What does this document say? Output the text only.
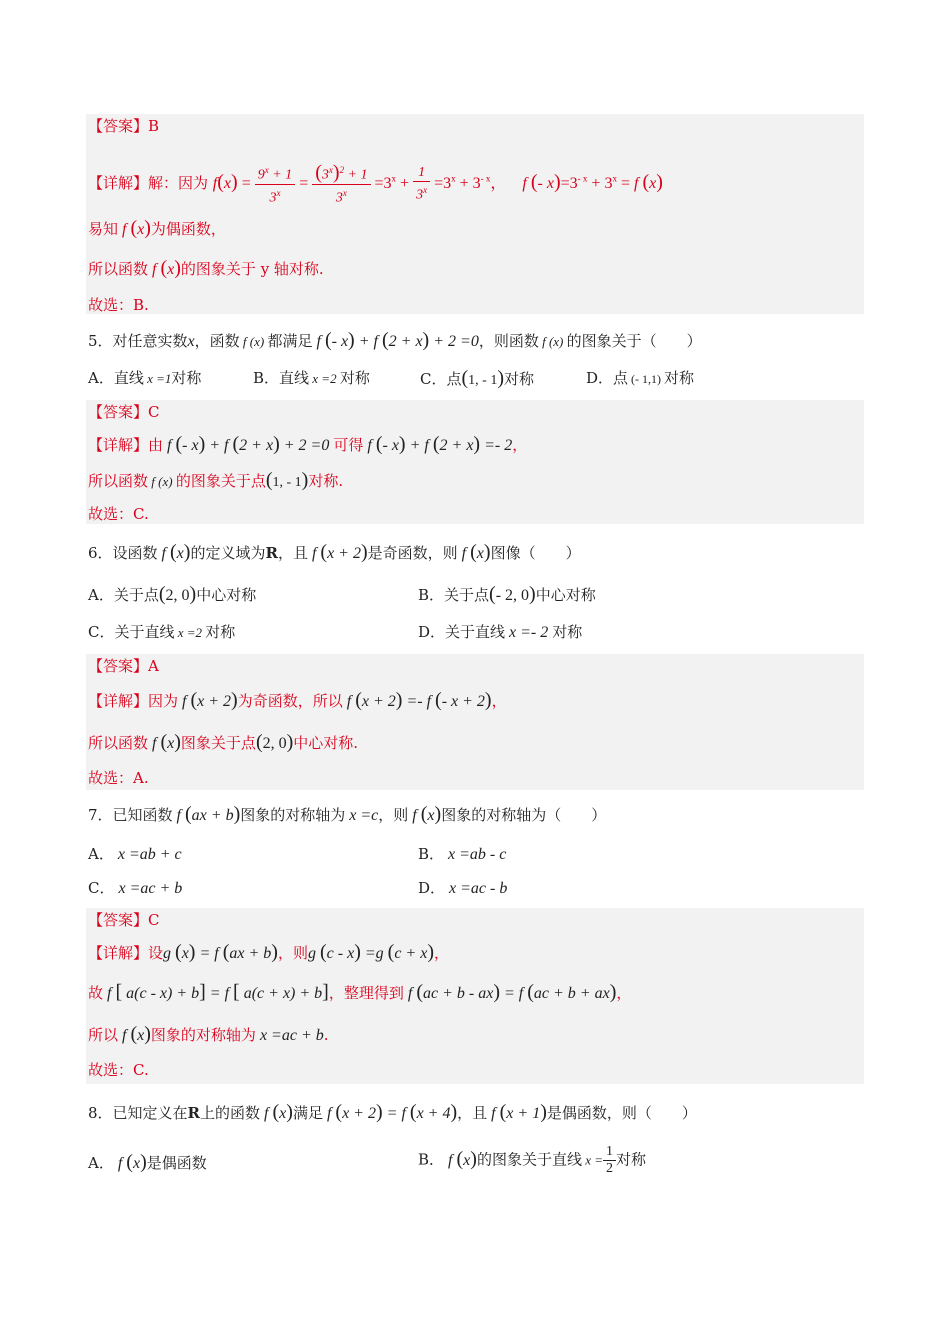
【答案】B
【详解】解：因为 $f(x) = \frac{9^x + 1}{3^x} = \frac{(3^x)^2 + 1}{3^x} =3^x + \frac{1}{3^x} =3^x + 3^{- x}$，    f (- $x)=3^{- x} + 3^x = f$ (x)
易知 f (x)为偶函数，
所以函数 f (x)的图象关于 y 轴对称.
故选：B.
5．对任意实数x，函数 f (x) 都满足 f (- x) + f (2 + x) + 2 =0，则函数 f (x) 的图象关于（　　）
A．直线 x =1对称	B．直线 x =2 对称	C．点(1, - 1)对称	D．点 (- 1,1) 对称
【答案】C
【详解】由 f (- x) + f (2 + x) + 2 =0 可得 f (- x) + f (2 + x) =- 2，
所以函数 f (x) 的图象关于点(1, - 1)对称.
故选：C.
6．设函数 f (x)的定义域为R，且 f (x + 2)是奇函数，则 f (x)图像（　　）
A．关于点(2, 0)中心对称	B．关于点(- 2, 0)中心对称
C．关于直线 x =2 对称	D．关于直线 x =- 2 对称
【答案】A
【详解】因为 f (x + 2)为奇函数，所以 f (x + 2) =- f (- x + 2)，
所以函数 f (x)图象关于点(2, 0)中心对称.
故选：A.
7．已知函数 f (ax + b)图象的对称轴为 x =c，则 f (x)图象的对称轴为（　　）
A． x =ab + c	B． x =ab - c
C． x =ac + b	D． x =ac - b
【答案】C
【详解】设g (x) = f (ax + b)，则g (c - x) =g (c + x)，
故 f [ a(c - x) + b] = f [ a(c + x) + b]，整理得到 f (ac + b - ax) = f (ac + b + ax)，
所以 f (x)图象的对称轴为 x =ac + b.
故选：C.
8．已知定义在R上的函数 f (x)满足 f (x + 2) = f (x + 4)，且 f (x + 1)是偶函数，则（　　）
A． f (x)是偶函数	B． f (x)的图象关于直线 $x = \frac{1}{2}$ 对称
